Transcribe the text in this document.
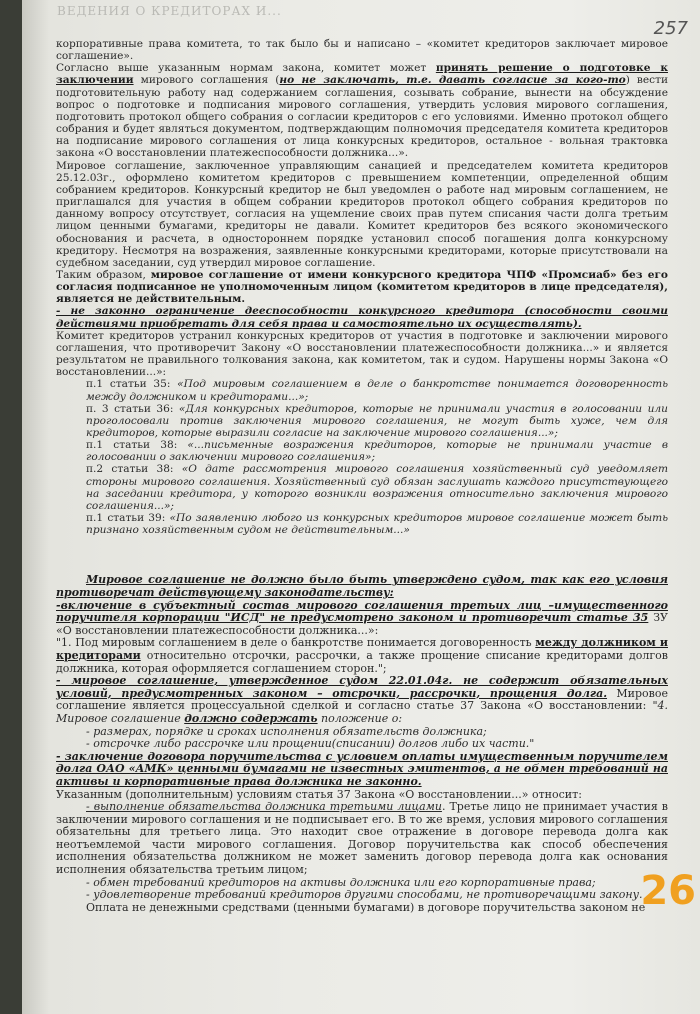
ВЕДЕНИЯ О КРЕДИТОРАХ И...
257

корпоративные права комитета, то так было бы и написано – «комитет кредиторов заключает мировое соглашение».

Согласно выше указанным нормам закона, комитет может принять решение о подготовке к заключении мирового соглашения (но не заключать, т.е. давать согласие за кого-то) вести подготовительную работу над содержанием соглашения, созывать собрание, вынести на обсуждение вопрос о подготовке и подписания мирового соглашения, утвердить условия мирового соглашения, подготовить протокол общего собрания о согласии кредиторов с его условиями. Именно протокол общего собрания и будет являться документом, подтверждающим полномочия председателя комитета кредиторов на подписание мирового соглашения от лица конкурсных кредиторов, остальное - вольная трактовка закона «О восстановлении платежеспособности должника...».

Мировое соглашение, заключенное управляющим санацией и председателем комитета кредиторов 25.12.03г., оформлено комитетом кредиторов с превышением компетенции, определенной общим собранием кредиторов. Конкурсный кредитор не был уведомлен о работе над мировым соглашением, не приглашался для участия в общем собрании кредиторов протокол общего собрания кредиторов по данному вопросу отсутствует, согласия на ущемление своих прав путем списания части долга третьим лицом ценными бумагами, кредиторы не давали. Комитет кредиторов без всякого экономического обоснования и расчета, в одностороннем порядке установил способ погашения долга конкурсному кредитору. Несмотря на возражения, заявленные конкурсными кредиторами, которые присутствовали на судебном заседании, суд утвердил мировое соглашение.

Таким образом, мировое соглашение от имени конкурсного кредитора ЧПФ «Промсиаб» без его согласия подписанное не уполномоченным лицом (комитетом кредиторов в лице председателя), является не действительным.

- не законно ограничение дееспособности конкурсного кредитора (способности своими действиями приобретать для себя права и самостоятельно их осуществлять).

Комитет кредиторов устранил конкурсных кредиторов от участия в подготовке и заключении мирового соглашения, что противоречит Закону «О восстановлении платежеспособности должника...» и является результатом не правильного толкования закона, как комитетом, так и судом. Нарушены нормы Закона «О восстановлении...»:

п.1 статьи 35: «Под мировым соглашением в деле о банкротстве понимается договоренность между должником и кредиторами...»;

п. 3 статьи 36: «Для конкурсных кредиторов, которые не принимали участия в голосовании или проголосовали против заключения мирового соглашения, не могут быть хуже, чем для кредиторов, которые выразили согласие на заключение мирового соглашения...»;

п.1 статьи 38: «...письменные возражения кредиторов, которые не принимали участие в голосовании о заключении мирового соглашения»;

п.2 статьи 38: «О дате рассмотрения мирового соглашения хозяйственный суд уведомляет стороны мирового соглашения. Хозяйственный суд обязан заслушать каждого присутствующего на заседании кредитора, у которого возникли возражения относительно заключения мирового соглашения...»;

п.1 статьи 39: «По заявлению любого из конкурсных кредиторов мировое соглашение может быть признано хозяйственным судом не действительным...»

Мировое соглашение не должно было быть утверждено судом, так как его условия противоречат действующему законодательству:

-включение в субъектный состав мирового соглашения третьих лиц –имущественного поручителя корпорации "ИСД" не предусмотрено законом и противоречит статье 35 ЗУ «О восстановлении платежеспособности должника...»:

"1. Под мировым соглашением в деле о банкротстве понимается договоренность между должником и кредиторами относительно отсрочки, рассрочки, а также прощение списание кредиторами долгов должника, которая оформляется соглашением сторон.";

- мировое соглашение, утвержденное судом 22.01.04г. не содержит обязательных условий, предусмотренных законом – отсрочки, рассрочки, прощения долга. Мировое соглашение является процессуальной сделкой и согласно статье 37 Закона «О восстановлении: "4. Мировое соглашение должно содержать положение о:

- размерах, порядке и сроках исполнения обязательств должника;

- отсрочке либо рассрочке или прощении(списании) долгов либо их части."

- заключение договора поручительства с условием оплаты имущественным поручителем долга ОАО «АМК» ценными бумагами не известных эмитентов, а не обмен требований на активы и корпоративные права должника не законно.

Указанным (дополнительным) условиям статья 37 Закона «О восстановлении...» относит:

- выполнение обязательства должника третьими лицами. Третье лицо не принимает участия в заключении мирового соглашения и не подписывает его. В то же время, условия мирового соглашения обязательны для третьего лица. Это находит свое отражение в договоре перевода долга как неотъемлемой части мирового соглашения. Договор поручительства как способ обеспечения исполнения обязательства должником не может заменить договор перевода долга как основания исполнения обязательства третьим лицом;

- обмен требований кредиторов на активы должника или его корпоративные права;

- удовлетворение требований кредиторов другими способами, не противоречащими закону.

Оплата не денежными средствами (ценными бумагами) в договоре поручительства законом не

26
